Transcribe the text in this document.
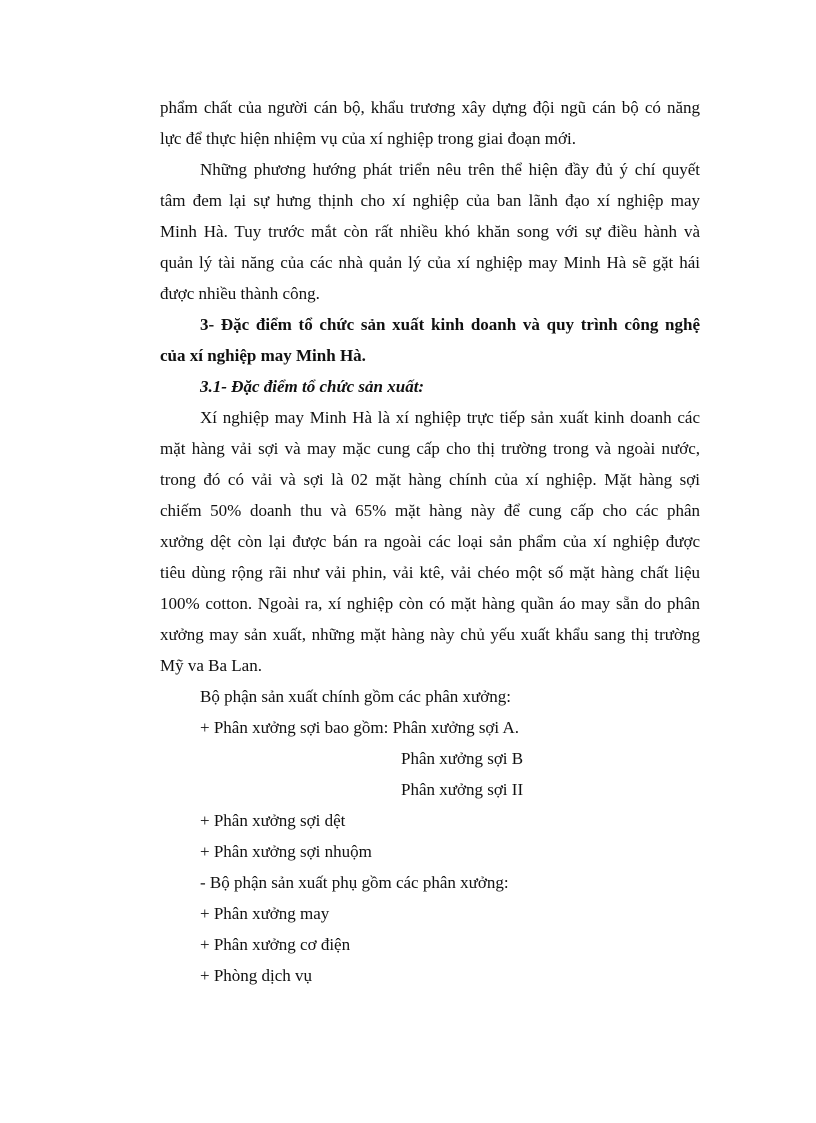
phẩm chất của người cán bộ, khẩu trương xây dựng đội ngũ cán bộ có năng
lực để thực hiện nhiệm vụ của xí nghiệp trong giai đoạn mới.
Những phương hướng phát triển nêu trên thể hiện đầy đủ ý chí quyết
tâm đem lại sự hưng thịnh cho xí nghiệp của ban lãnh đạo xí nghiệp may
Minh Hà. Tuy trước mắt còn rất nhiều khó khăn song với sự điều hành và
quản lý tài năng của các nhà quản lý của xí nghiệp may Minh Hà sẽ gặt hái
được nhiều thành công.
3- Đặc điểm tổ chức sản xuất kinh doanh và quy trình công nghệ
của xí nghiệp may Minh Hà.
3.1- Đặc điểm tổ chức sản xuất:
Xí nghiệp may Minh Hà là xí nghiệp trực tiếp sản xuất kinh doanh các
mặt hàng vải sợi và may mặc cung cấp cho thị trường trong và ngoài nước,
trong đó có vải và sợi là 02 mặt hàng chính của xí nghiệp. Mặt hàng sợi
chiếm 50% doanh thu và 65% mặt hàng này để cung cấp cho các phân
xưởng dệt còn lại được bán ra ngoài các loại sản phẩm của xí nghiệp được
tiêu dùng rộng rãi như vải phin, vải ktê, vải chéo một số mặt hàng chất liệu
100% cotton. Ngoài ra, xí nghiệp còn có mặt hàng quần áo may sẵn do phân
xưởng may sản xuất, những mặt hàng này chủ yếu xuất khẩu sang thị trường
Mỹ va Ba Lan.
Bộ phận sản xuất chính gồm các phân xưởng:
+ Phân xưởng sợi bao gồm: Phân xưởng sợi A.
Phân xưởng sợi B
Phân xưởng sợi II
+ Phân xưởng sợi dệt
+ Phân xưởng sợi nhuộm
- Bộ phận sản xuất phụ gồm các phân xưởng:
+ Phân xưởng may
+ Phân xưởng cơ điện
+ Phòng dịch vụ
